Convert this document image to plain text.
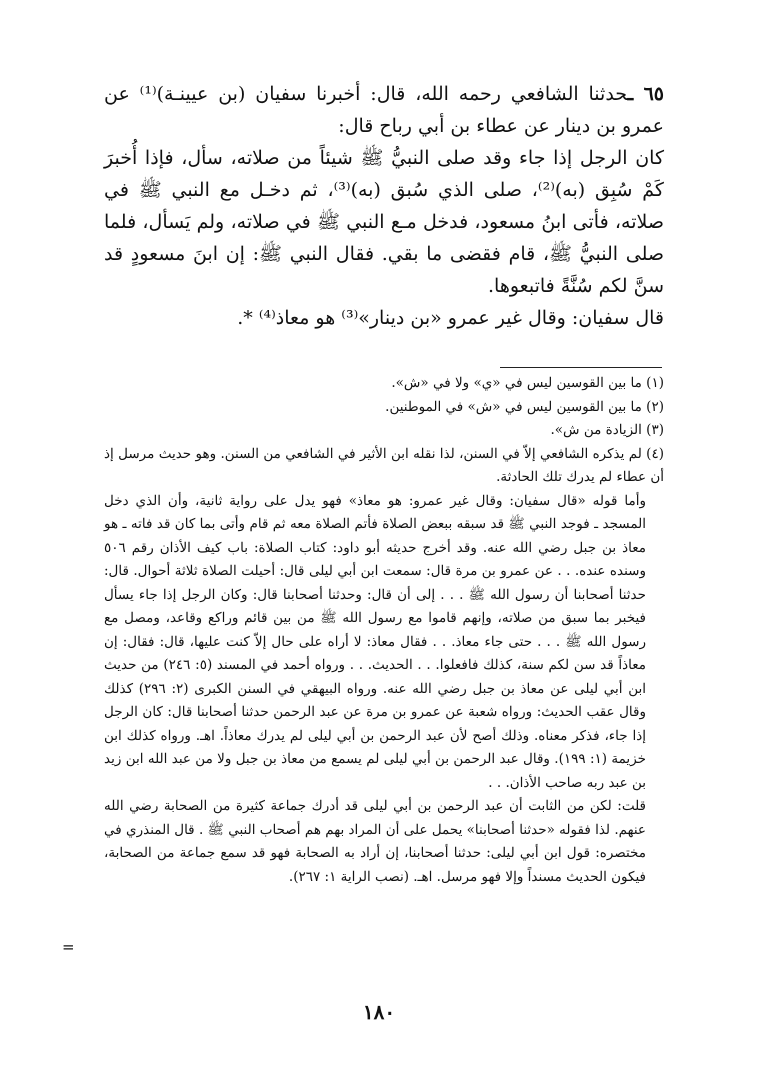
٦٥ ـحدثنا الشافعي رحمه الله، قال: أخبرنا سفيان (بن عيينـة)⁽¹⁾ عن عمرو بن دينار عن عطاء بن أبي رباح قال:

كان الرجل إذا جاء وقد صلى النبيُّ ﷺ شيئاً من صلاته، سأل، فإذا أُخبرَ كَمْ سُبِق (به)⁽²⁾، صلى الذي سُبق (به)⁽³⁾، ثم دخـل مع النبي ﷺ في صلاته، فأتى ابنُ مسعود، فدخل مـع النبي ﷺ في صلاته، ولم يَسأل، فلما صلى النبيُّ ﷺ، قام فقضى ما بقي. فقال النبي ﷺ: إن ابنَ مسعودٍ قد سنَّ لكم سُنَّةً فاتبعوها.

قال سفيان: وقال غير عمرو «بن دينار»⁽³⁾ هو معاذ⁽⁴⁾ *.

(١) ما بين القوسين ليس في «ي» ولا في «ش».

(٢) ما بين القوسين ليس في «ش» في الموطنين.

(٣) الزيادة من ش».

(٤) لم يذكره الشافعي إلاّ في السنن، لذا نقله ابن الأثير في الشافعي من السنن. وهو حديث مرسل إذ أن عطاء لم يدرك تلك الحادثة.

وأما قوله «قال سفيان: وقال غير عمرو: هو معاذ» فهو يدل على رواية ثانية، وأن الذي دخل المسجد ـ فوجد النبي ﷺ قد سبقه ببعض الصلاة فأتم الصلاة معه ثم قام وأتى بما كان قد فاته ـ هو معاذ بن جبل رضي الله عنه. وقد أخرج حديثه أبو داود: كتاب الصلاة: باب كيف الأذان رقم ٥٠٦ وسنده عنده. . . عن عمرو بن مرة قال: سمعت ابن أبي ليلى قال: أحيلت الصلاة ثلاثة أحوال. قال: حدثنا أصحابنا أن رسول الله ﷺ . . . إلى أن قال: وحدثنا أصحابنا قال: وكان الرجل إذا جاء يسأل فيخبر بما سبق من صلاته، وإنهم قاموا مع رسول الله ﷺ من بين قائم وراكع وقاعد، ومصل مع رسول الله ﷺ . . . حتى جاء معاذ. . . فقال معاذ: لا أراه على حال إلاّ كنت عليها، قال: فقال: إن معاذاً قد سن لكم سنة، كذلك فافعلوا. . . الحديث. . . ورواه أحمد في المسند (٥: ٢٤٦) من حديث ابن أبي ليلى عن معاذ بن جبل رضي الله عنه. ورواه البيهقي في السنن الكبرى (٢: ٢٩٦) كذلك وقال عقب الحديث: ورواه شعبة عن عمرو بن مرة عن عبد الرحمن حدثنا أصحابنا قال: كان الرجل إذا جاء، فذكر معناه. وذلك أصح لأن عبد الرحمن بن أبي ليلى لم يدرك معاذاً. اهـ. ورواه كذلك ابن خزيمة (١: ١٩٩). وقال عبد الرحمن بن أبي ليلى لم يسمع من معاذ بن جبل ولا من عبد الله ابن زيد بن عبد ربه صاحب الأذان. . .

قلت: لكن من الثابت أن عبد الرحمن بن أبي ليلى قد أدرك جماعة كثيرة من الصحابة رضي الله عنهم. لذا فقوله «حدثنا أصحابنا» يحمل على أن المراد بهم هم أصحاب النبي ﷺ . قال المنذري في مختصره: قول ابن أبي ليلى: حدثنا أصحابنا، إن أراد به الصحابة فهو قد سمع جماعة من الصحابة، فيكون الحديث مسنداً وإلا فهو مرسل. اهـ. (نصب الراية ١: ٢٦٧).

=
١٨٠
